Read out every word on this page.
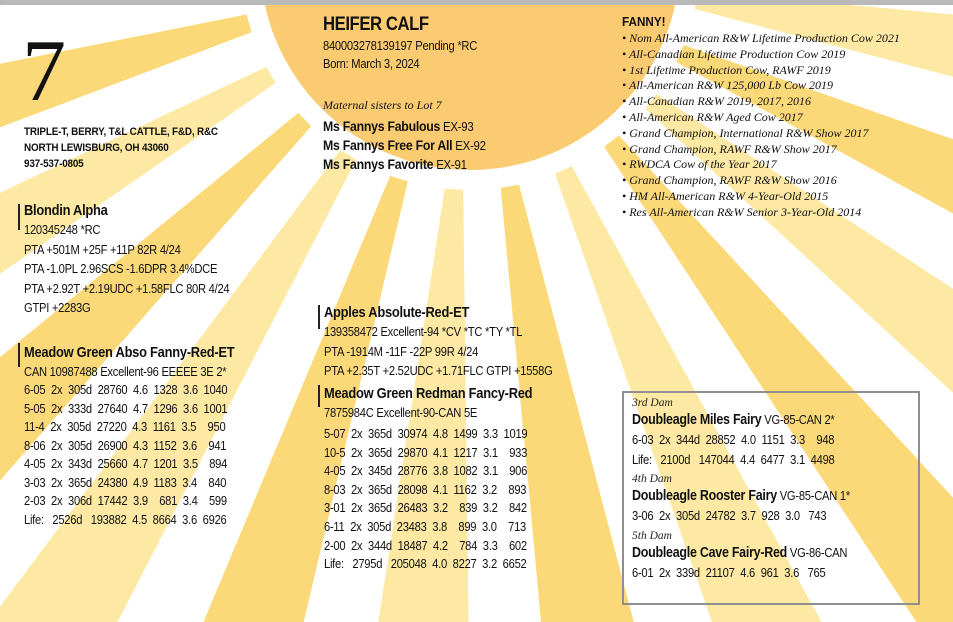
7
TRIPLE-T, BERRY, T&L CATTLE, F&D, R&C
NORTH LEWISBURG, OH 43060
937-537-0805
HEIFER CALF
840003278139197 Pending *RC
Born: March 3, 2024
Maternal sisters to Lot 7
Ms Fannys Fabulous EX-93
Ms Fannys Free For All EX-92
Ms Fannys Favorite EX-91
FANNY!
• Nom All-American R&W Lifetime Production Cow 2021
• All-Canadian Lifetime Production Cow 2019
• 1st Lifetime Production Cow, RAWF 2019
• All-American R&W 125,000 Lb Cow 2019
• All-Canadian R&W 2019, 2017, 2016
• All-American R&W Aged Cow 2017
• Grand Champion, International R&W Show 2017
• Grand Champion, RAWF R&W Show 2017
• RWDCA Cow of the Year 2017
• Grand Champion, RAWF R&W Show 2016
• HM All-American R&W 4-Year-Old 2015
• Res All-American R&W Senior 3-Year-Old 2014
Blondin Alpha
120345248 *RC
PTA +501M +25F +11P 82R 4/24
PTA -1.0PL 2.96SCS -1.6DPR 3.4%DCE
PTA +2.92T +2.19UDC +1.58FLC 80R 4/24
GTPI +2283G
Meadow Green Abso Fanny-Red-ET
CAN 10987488 Excellent-96 EEEEE 3E 2*
6-05  2x  305d  28760  4.6  1328  3.6  1040
5-05  2x  333d  27640  4.7  1296  3.6  1001
11-4  2x  305d  27220  4.3  1161  3.5    950
8-06  2x  305d  26900  4.3  1152  3.6    941
4-05  2x  343d  25660  4.7  1201  3.5    894
3-03  2x  365d  24380  4.9  1183  3.4    840
2-03  2x  306d  17442  3.9    681  3.4    599
Life:   2526d   193882  4.5  8664  3.6  6926
Apples Absolute-Red-ET
139358472 Excellent-94 *CV *TC *TY *TL
PTA -1914M -11F -22P 99R 4/24
PTA +2.35T +2.52UDC +1.71FLC GTPI +1558G
Meadow Green Redman Fancy-Red
7875984C Excellent-90-CAN 5E
5-07  2x  365d  30974  4.8  1499  3.3  1019
10-5  2x  365d  29870  4.1  1217  3.1    933
4-05  2x  345d  28776  3.8  1082  3.1    906
8-03  2x  365d  28098  4.1  1162  3.2    893
3-01  2x  365d  26483  3.2    839  3.2    842
6-11  2x  305d  23483  3.8    899  3.0    713
2-00  2x  344d  18487  4.2    784  3.3    602
Life:   2795d   205048  4.0  8227  3.2  6652
3rd Dam
Doubleagle Miles Fairy VG-85-CAN 2*
6-03  2x  344d  28852  4.0  1151  3.3    948
Life:   2100d   147044  4.4  6477  3.1  4498
4th Dam
Doubleagle Rooster Fairy VG-85-CAN 1*
3-06  2x  305d  24782  3.7  928  3.0   743
5th Dam
Doubleagle Cave Fairy-Red VG-86-CAN
6-01  2x  339d  21107  4.6  961  3.6   765
